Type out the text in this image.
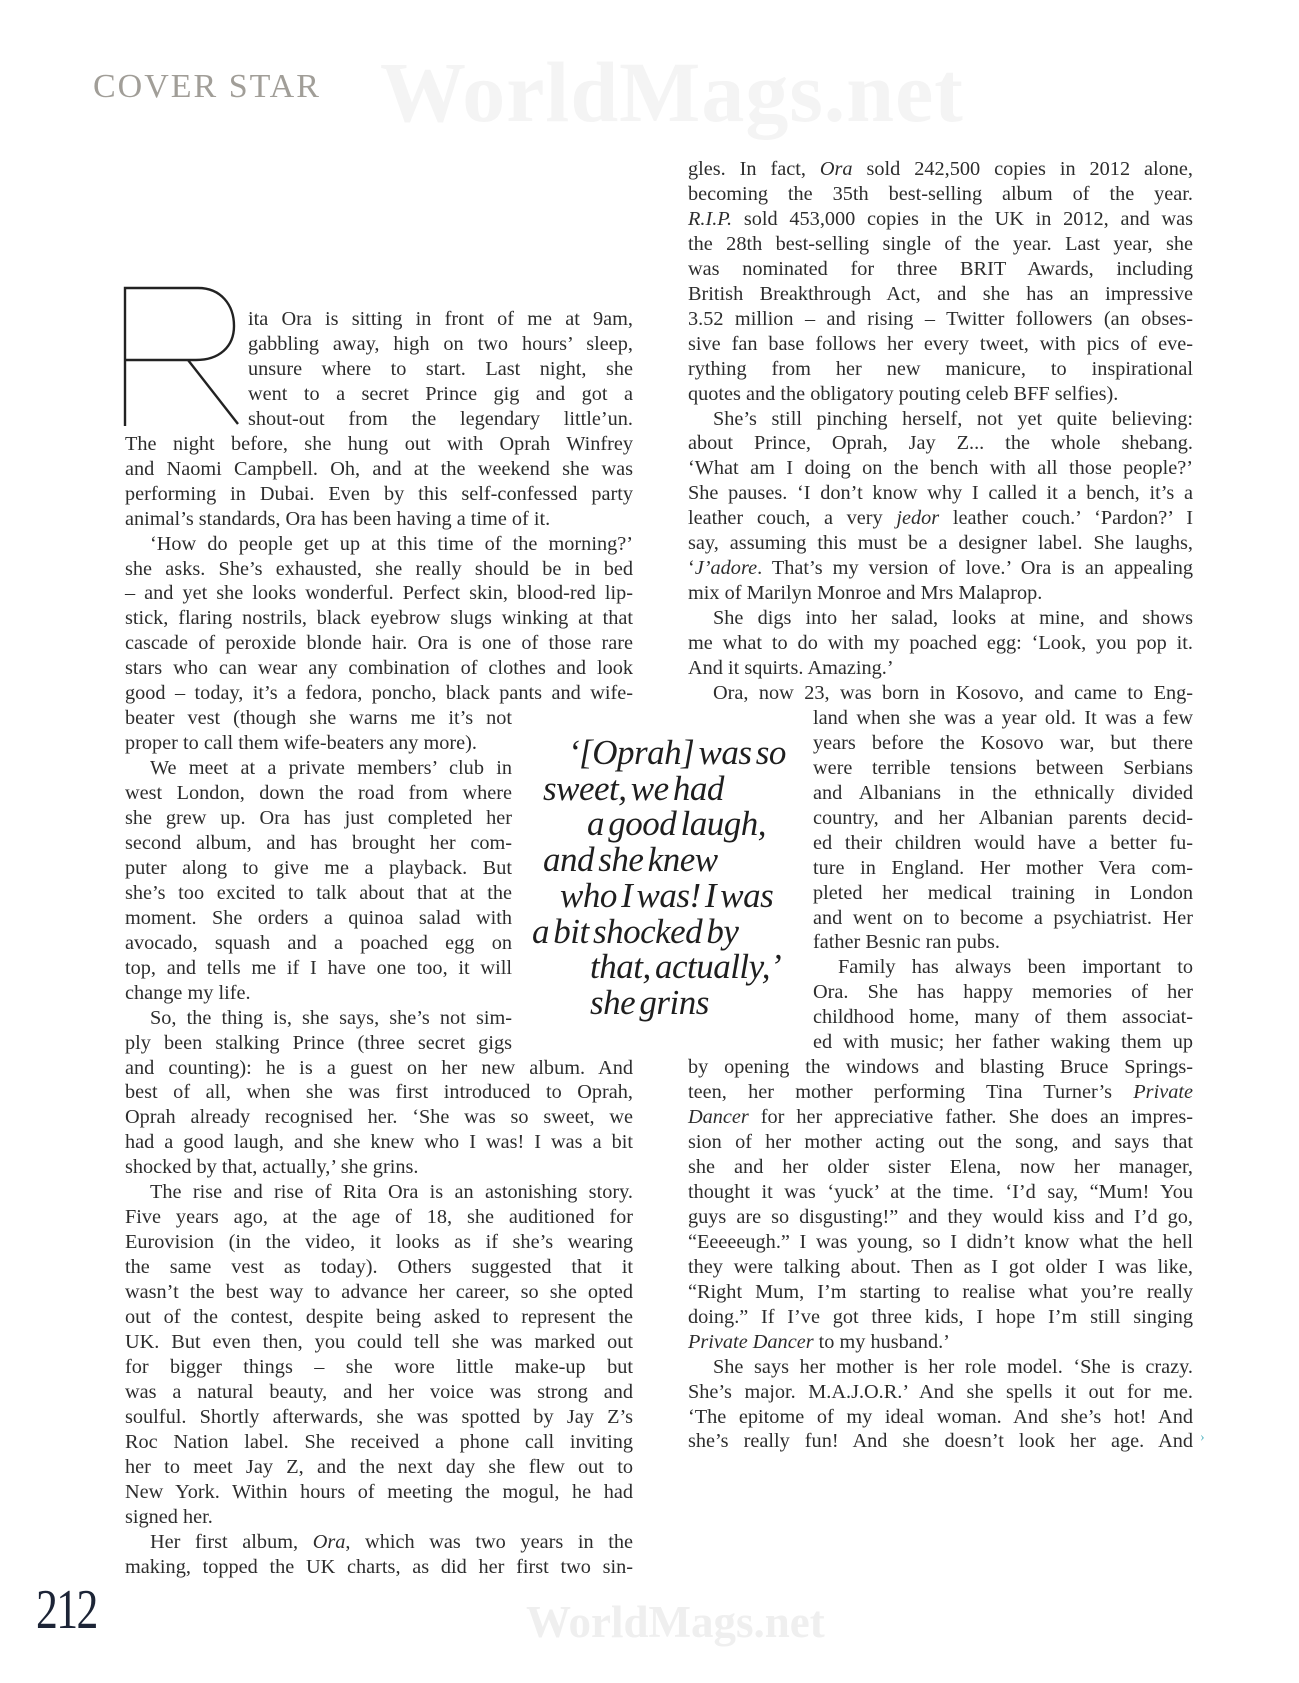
WorldMags.net
COVER STAR
ita Ora is sitting in front of me at 9am,
gabbling away, high on two hours’ sleep,
unsure where to start. Last night, she
went to a secret Prince gig and got a
shout-out from the legendary little’un.
The night before, she hung out with Oprah Winfrey
and Naomi Campbell. Oh, and at the weekend she was
performing in Dubai. Even by this self-confessed party
animal’s standards, Ora has been having a time of it.
‘How do people get up at this time of the morning?’
she asks. She’s exhausted, she really should be in bed
– and yet she looks wonderful. Perfect skin, blood-red lip-
stick, flaring nostrils, black eyebrow slugs winking at that
cascade of peroxide blonde hair. Ora is one of those rare
stars who can wear any combination of clothes and look
good – today, it’s a fedora, poncho, black pants and wife-
beater vest (though she warns me it’s not
proper to call them wife-beaters any more).
We meet at a private members’ club in
west London, down the road from where
she grew up. Ora has just completed her
second album, and has brought her com-
puter along to give me a playback. But
she’s too excited to talk about that at the
moment. She orders a quinoa salad with
avocado, squash and a poached egg on
top, and tells me if I have one too, it will
change my life.
So, the thing is, she says, she’s not sim-
ply been stalking Prince (three secret gigs
and counting): he is a guest on her new album. And
best of all, when she was first introduced to Oprah,
Oprah already recognised her. ‘She was so sweet, we
had a good laugh, and she knew who I was! I was a bit
shocked by that, actually,’ she grins.
The rise and rise of Rita Ora is an astonishing story.
Five years ago, at the age of 18, she auditioned for
Eurovision (in the video, it looks as if she’s wearing
the same vest as today). Others suggested that it
wasn’t the best way to advance her career, so she opted
out of the contest, despite being asked to represent the
UK. But even then, you could tell she was marked out
for bigger things – she wore little make-up but
was a natural beauty, and her voice was strong and
soulful. Shortly afterwards, she was spotted by Jay Z’s
Roc Nation label. She received a phone call inviting
her to meet Jay Z, and the next day she flew out to
New York. Within hours of meeting the mogul, he had
signed her.
Her first album, Ora, which was two years in the
making, topped the UK charts, as did her first two sin-
gles. In fact, Ora sold 242,500 copies in 2012 alone,
becoming the 35th best-selling album of the year.
R.I.P. sold 453,000 copies in the UK in 2012, and was
the 28th best-selling single of the year. Last year, she
was nominated for three BRIT Awards, including
British Breakthrough Act, and she has an impressive
3.52 million – and rising – Twitter followers (an obses-
sive fan base follows her every tweet, with pics of eve-
rything from her new manicure, to inspirational
quotes and the obligatory pouting celeb BFF selfies).
She’s still pinching herself, not yet quite believing:
about Prince, Oprah, Jay Z... the whole shebang.
‘What am I doing on the bench with all those people?’
She pauses. ‘I don’t know why I called it a bench, it’s a
leather couch, a very jedor leather couch.’ ‘Pardon?’ I
say, assuming this must be a designer label. She laughs,
‘J’adore. That’s my version of love.’ Ora is an appealing
mix of Marilyn Monroe and Mrs Malaprop.
She digs into her salad, looks at mine, and shows
me what to do with my poached egg: ‘Look, you pop it.
And it squirts. Amazing.’
Ora, now 23, was born in Kosovo, and came to Eng-
land when she was a year old. It was a few
years before the Kosovo war, but there
were terrible tensions between Serbians
and Albanians in the ethnically divided
country, and her Albanian parents decid-
ed their children would have a better fu-
ture in England. Her mother Vera com-
pleted her medical training in London
and went on to become a psychiatrist. Her
father Besnic ran pubs.
Family has always been important to
Ora. She has happy memories of her
childhood home, many of them associat-
ed with music; her father waking them up
by opening the windows and blasting Bruce Springs-
teen, her mother performing Tina Turner’s Private
Dancer for her appreciative father. She does an impres-
sion of her mother acting out the song, and says that
she and her older sister Elena, now her manager,
thought it was ‘yuck’ at the time. ‘I’d say, “Mum! You
guys are so disgusting!” and they would kiss and I’d go,
“Eeeeeugh.” I was young, so I didn’t know what the hell
they were talking about. Then as I got older I was like,
“Right Mum, I’m starting to realise what you’re really
doing.” If I’ve got three kids, I hope I’m still singing
Private Dancer to my husband.’
She says her mother is her role model. ‘She is crazy.
She’s major. M.A.J.O.R.’ And she spells it out for me.
‘The epitome of my ideal woman. And she’s hot! And
she’s really fun! And she doesn’t look her age. And
‘[Oprah] was so
sweet, we had
a good laugh,
and she knew
who I was! I was
a bit shocked by
that, actually,’
she grins
›
212	WorldMags.net
